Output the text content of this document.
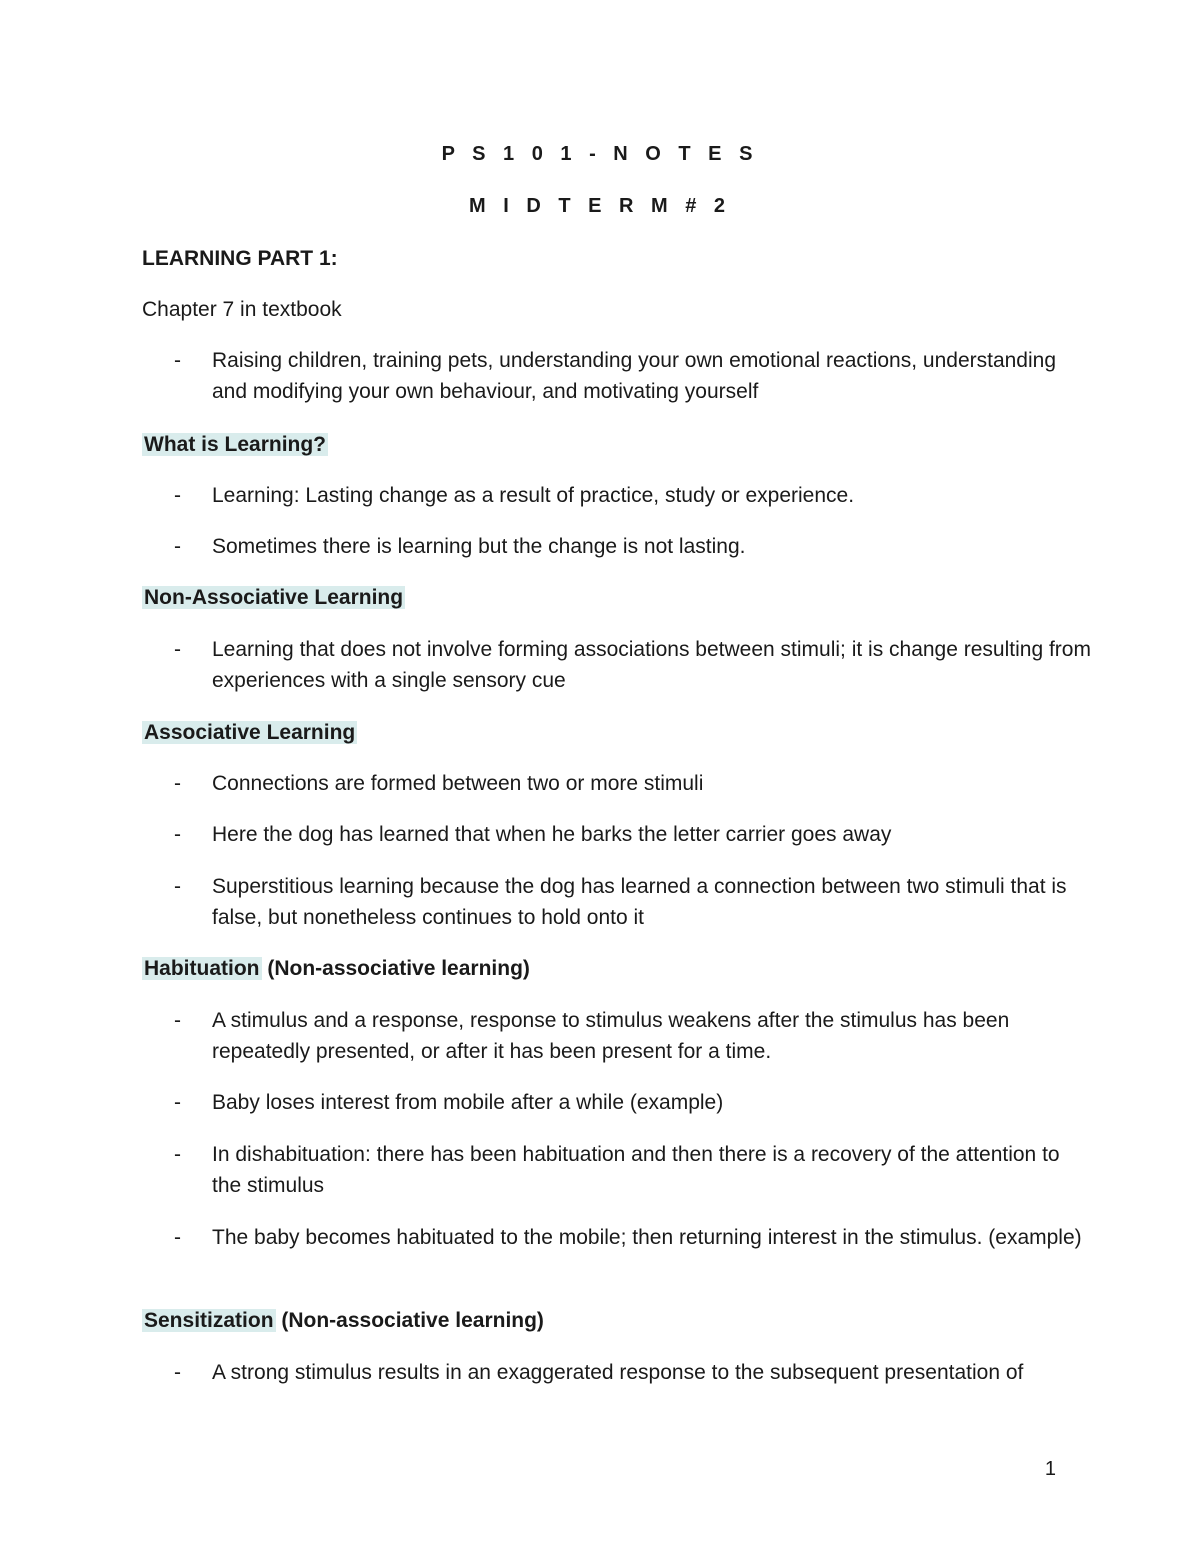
P S 1 0 1 - N O T E S
M I D T E R M # 2
LEARNING PART 1:
Chapter 7 in textbook
- Raising children, training pets, understanding your own emotional reactions, understanding and modifying your own behaviour, and motivating yourself
What is Learning?
- Learning: Lasting change as a result of practice, study or experience.
- Sometimes there is learning but the change is not lasting.
Non-Associative Learning
- Learning that does not involve forming associations between stimuli; it is change resulting from experiences with a single sensory cue
Associative Learning
- Connections are formed between two or more stimuli
- Here the dog has learned that when he barks the letter carrier goes away
- Superstitious learning because the dog has learned a connection between two stimuli that is false, but nonetheless continues to hold onto it
Habituation (Non-associative learning)
- A stimulus and a response, response to stimulus weakens after the stimulus has been repeatedly presented, or after it has been present for a time.
- Baby loses interest from mobile after a while (example)
- In dishabituation: there has been habituation and then there is a recovery of the attention to the stimulus
- The baby becomes habituated to the mobile; then returning interest in the stimulus. (example)
Sensitization (Non-associative learning)
- A strong stimulus results in an exaggerated response to the subsequent presentation of
1
